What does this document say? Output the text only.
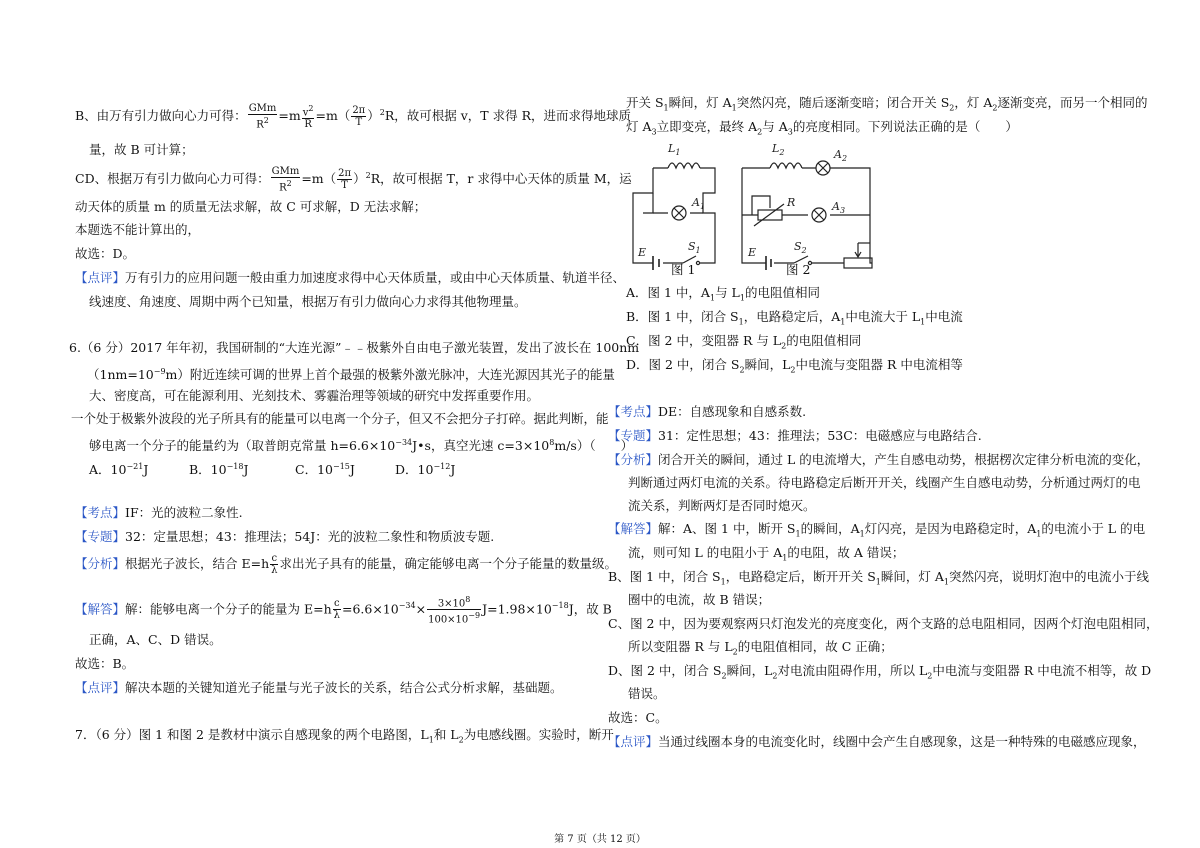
B、由万有引力做向心力可得： $\frac{\text{GMm}}{R^2} =m \frac{v^2}{R} =m( \frac{2\pi}{T} )^2R$，故可根据 v，T 求得 R，进而求得地球质
量，故 B 可计算；
CD、根据万有引力做向心力可得： $\frac{\text{GMm}}{R^2} =m( \frac{2\pi}{T} )^2R$，故可根据 T，r 求得中心天体的质量 M，运
动天体的质量 m 的质量无法求解，故 C 可求解，D 无法求解；
本题选不能计算出的，
故选：D。
【点评】万有引力的应用问题一般由重力加速度求得中心天体质量，或由中心天体质量、轨道半径、
线速度、角速度、周期中两个已知量，根据万有引力做向心力求得其他物理量。
6.（6 分）2017 年年初，我国研制的“大连光源”﹣﹣极紫外自由电子激光装置，发出了波长在 100nm
$(1nm=10^{-9}m)$附近连续可调的世界上首个最强的极紫外激光脉冲，大连光源因其光子的能量
大、密度高，可在能源利用、光刻技术、雾霾治理等领域的研究中发挥重要作用。
一个处于极紫外波段的光子所具有的能量可以电离一个分子，但又不会把分子打碎。据此判断，能
够电离一个分子的能量约为（取普朗克常量 $h=6.6\times 10^{-34}J•s$，真空光速 $c=3\times 10^8m/s$）（　　）
A．$10^{-21}J$	B．$10^{-18}J$	C．$10^{-15}J$	D．$10^{-12}J$
【考点】IF：光的波粒二象性.
【专题】32：定量思想；43：推理法；54J：光的波粒二象性和物质波专题.
【分析】根据光子波长，结合 $E=h \frac{c}{\lambda}$ 求出光子具有的能量，确定能够电离一个分子能量的数量级。
【解答】解：能够电离一个分子的能量为 $E=h \frac{c}{\lambda} =6.6\times 10^{-34}\times \frac{3\times 10^8}{100\times 10^{-9}} J=1.98\times 10^{-18}J$，故 B
正确，A、C、D 错误。
故选：B。
【点评】解决本题的关键知道光子能量与光子波长的关系，结合公式分析求解，基础题。
7．（6 分）图 1 和图 2 是教材中演示自感现象的两个电路图，$L_1$和 $L_2$为电感线圈。实验时，断开
开关 $S_1$瞬间，灯 $A_1$突然闪亮，随后逐渐变暗；闭合开关 $S_2$，灯 $A_2$逐渐变亮，而另一个相同的
灯 $A_3$立即变亮，最终 $A_2$与 $A_3$的亮度相同。下列说法正确的是（　　）
$L_1$
$A_1$
E	$S_1$
$L_2$	$A_2$
R	$A_3$
E	$S_2$
图 1	图 2
A．图 1 中，$A_1$与 $L_1$的电阻值相同
B．图 1 中，闭合 $S_1$，电路稳定后，$A_1$中电流大于 $L_1$中电流
C．图 2 中，变阻器 R 与 $L_2$的电阻值相同
D．图 2 中，闭合 $S_2$瞬间，$L_2$中电流与变阻器 R 中电流相等
【考点】DE：自感现象和自感系数.
【专题】31：定性思想；43：推理法；53C：电磁感应与电路结合.
【分析】闭合开关的瞬间，通过 L 的电流增大，产生自感电动势，根据楞次定律分析电流的变化，
判断通过两灯电流的关系。待电路稳定后断开开关，线圈产生自感电动势，分析通过两灯的电
流关系，判断两灯是否同时熄灭。
【解答】解：A、图 1 中，断开 $S_1$的瞬间，$A_1$灯闪亮，是因为电路稳定时，$A_1$的电流小于 L 的电
流，则可知 L 的电阻小于 $A_1$的电阻，故 A 错误；
B、图 1 中，闭合 $S_1$，电路稳定后，断开开关 $S_1$瞬间，灯 $A_1$突然闪亮，说明灯泡中的电流小于线
圈中的电流，故 B 错误；
C、图 2 中，因为要观察两只灯泡发光的亮度变化，两个支路的总电阻相同，因两个灯泡电阻相同，
所以变阻器 R 与 $L_2$的电阻值相同，故 C 正确；
D、图 2 中，闭合 $S_2$瞬间，$L_2$对电流由阻碍作用，所以 $L_2$中电流与变阻器 R 中电流不相等，故 D
错误。
故选：C。
【点评】当通过线圈本身的电流变化时，线圈中会产生自感现象，这是一种特殊的电磁感应现象，
第 7 页（共 12 页）
